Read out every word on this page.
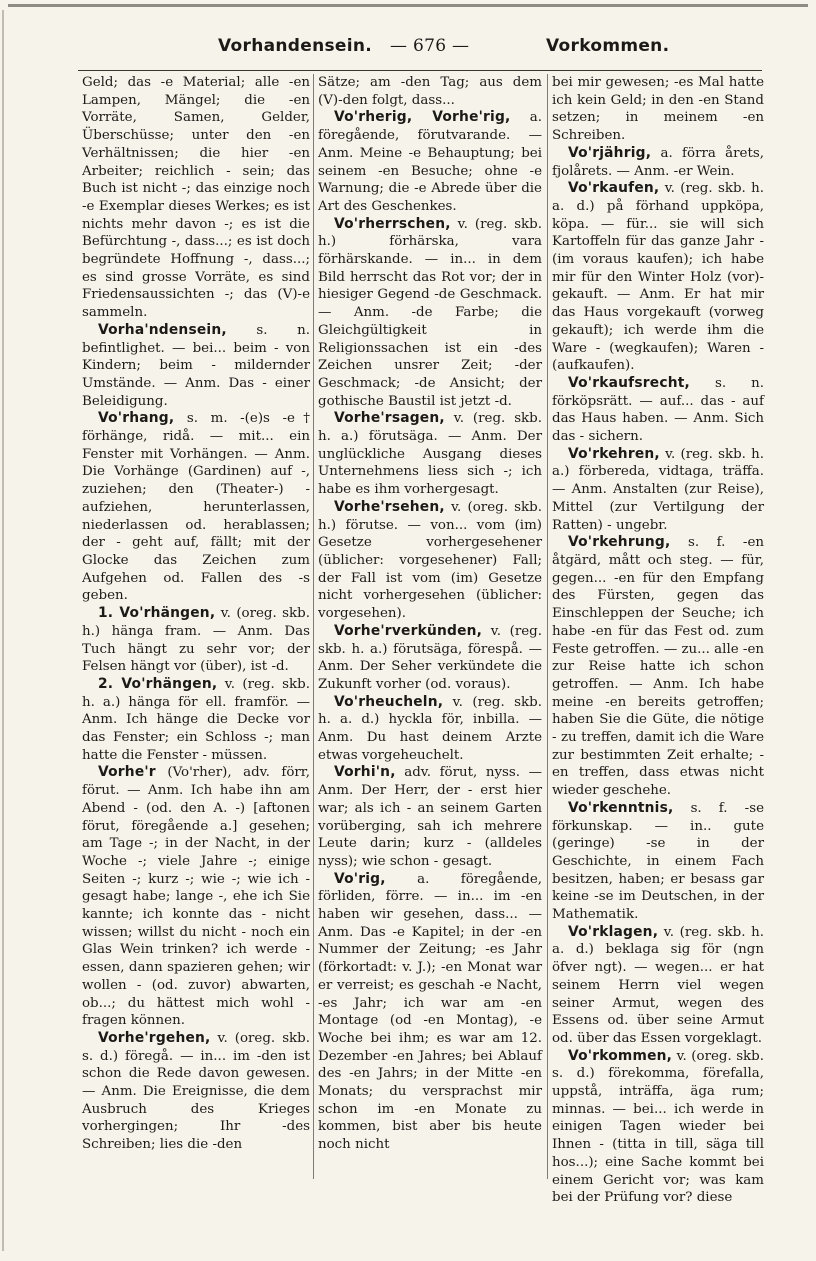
Vorhandensein. — 676 —	Vorkommen.

Geld; das -e Material; alle -en Lampen, Mängel; die -en Vorräte, Samen, Gelder, Überschüsse; unter den -en Verhältnissen; die hier -en Arbeiter; reichlich - sein; das Buch ist nicht -; das einzige noch -e Exemplar dieses Werkes; es ist nichts mehr davon -; es ist die Befürchtung -, dass...; es ist doch begründete Hoffnung -, dass...; es sind grosse Vorräte, es sind Friedensaussichten -; das (V)-e sammeln.

Vorha'ndensein, s. n. befintlighet. — bei... beim - von Kindern; beim - mildernder Umstände. — Anm. Das - einer Beleidigung.

Vo'rhang, s. m. -(e)s -e† förhänge, ridå. — mit... ein Fenster mit Vorhängen. — Anm. Die Vorhänge (Gardinen) auf -, zuziehen; den (Theater-) - aufziehen, herunterlassen, niederlassen od. herablassen; der - geht auf, fällt; mit der Glocke das Zeichen zum Aufgehen od. Fallen des -s geben.

1. Vo'rhängen, v. (oreg. skb. h.) hänga fram. — Anm. Das Tuch hängt zu sehr vor; der Felsen hängt vor (über), ist -d.

2. Vo'rhängen, v. (reg. skb. h. a.) hänga för ell. framför. — Anm. Ich hänge die Decke vor das Fenster; ein Schloss -; man hatte die Fenster - müssen.

Vorhe'r (Vo'rher), adv. förr, förut. — Anm. Ich habe ihn am Abend - (od. den A. -) [aftonen förut, föregående a.] gesehen; am Tage -; in der Nacht, in der Woche -; viele Jahre -; einige Seiten -; kurz -; wie -; wie ich - gesagt habe; lange -, ehe ich Sie kannte; ich konnte das - nicht wissen; willst du nicht - noch ein Glas Wein trinken? ich werde - essen, dann spazieren gehen; wir wollen - (od. zuvor) abwarten, ob...; du hättest mich wohl - fragen können.

Vorhe'rgehen, v. (oreg. skb. s. d.) föregå. — in... im -den ist schon die Rede davon gewesen. — Anm. Die Ereignisse, die dem Ausbruch des Krieges vorhergingen; Ihr -des Schreiben; lies die -den

Sätze; am -den Tag; aus dem (V)-den folgt, dass...

Vo'rherig, Vorhe'rig, a. föregående, förutvarande. — Anm. Meine -e Behauptung; bei seinem -en Besuche; ohne -e Warnung; die -e Abrede über die Art des Geschenkes.

Vo'rherrschen, v. (reg. skb. h.) förhärska, vara förhärskande. — in... in dem Bild herrscht das Rot vor; der in hiesiger Gegend -de Geschmack. — Anm. -de Farbe; die Gleichgültigkeit in Religionssachen ist ein -des Zeichen unsrer Zeit; -der Geschmack; -de Ansicht; der gothische Baustil ist jetzt -d.

Vorhe'rsagen, v. (reg. skb. h. a.) förutsäga. — Anm. Der unglückliche Ausgang dieses Unternehmens liess sich -; ich habe es ihm vorhergesagt.

Vorhe'rsehen, v. (oreg. skb. h.) förutse. — von... vom (im) Gesetze vorhergesehener (üblicher: vorgesehener) Fall; der Fall ist vom (im) Gesetze nicht vorhergesehen (üblicher: vorgesehen).

Vorhe'rverkünden, v. (reg. skb. h. a.) förutsäga, förespå. — Anm. Der Seher verkündete die Zukunft vorher (od. voraus).

Vo'rheucheln, v. (reg. skb. h. a. d.) hyckla för, inbilla. — Anm. Du hast deinem Arzte etwas vorgeheuchelt.

Vorhi'n, adv. förut, nyss. — Anm. Der Herr, der - erst hier war; als ich - an seinem Garten vorüberging, sah ich mehrere Leute darin; kurz - (alldeles nyss); wie schon - gesagt.

Vo'rig, a. föregående, förliden, förre. — in... im -en haben wir gesehen, dass... — Anm. Das -e Kapitel; in der -en Nummer der Zeitung; -es Jahr (förkortadt: v. J.); -en Monat war er verreist; es geschah -e Nacht, -es Jahr; ich war am -en Montage (od -en Montag), -e Woche bei ihm; es war am 12. Dezember -en Jahres; bei Ablauf des -en Jahrs; in der Mitte -en Monats; du versprachst mir schon im -en Monate zu kommen, bist aber bis heute noch nicht

bei mir gewesen; -es Mal hatte ich kein Geld; in den -en Stand setzen; in meinem -en Schreiben.

Vo'rjährig, a. förra årets, fjolårets. — Anm. -er Wein.

Vo'rkaufen, v. (reg. skb. h. a. d.) på förhand uppköpa, köpa. — für... sie will sich Kartoffeln für das ganze Jahr - (im voraus kaufen); ich habe mir für den Winter Holz (vor)-gekauft. — Anm. Er hat mir das Haus vorgekauft (vorweg gekauft); ich werde ihm die Ware - (wegkaufen); Waren - (aufkaufen).

Vo'rkaufsrecht, s. n. förköpsrätt. — auf... das - auf das Haus haben. — Anm. Sich das - sichern.

Vo'rkehren, v. (reg. skb. h. a.) förbereda, vidtaga, träffa. — Anm. Anstalten (zur Reise), Mittel (zur Vertilgung der Ratten) - ungebr.

Vo'rkehrung, s. f. -en åtgärd, mått och steg. — für, gegen... -en für den Empfang des Fürsten, gegen das Einschleppen der Seuche; ich habe -en für das Fest od. zum Feste getroffen. — zu... alle -en zur Reise hatte ich schon getroffen. — Anm. Ich habe meine -en bereits getroffen; haben Sie die Güte, die nötige - zu treffen, damit ich die Ware zur bestimmten Zeit erhalte; -en treffen, dass etwas nicht wieder geschehe.

Vo'rkenntnis, s. f. -se förkunskap. — in.. gute (geringe) -se in der Geschichte, in einem Fach besitzen, haben; er besass gar keine -se im Deutschen, in der Mathematik.

Vo'rklagen, v. (reg. skb. h. a. d.) beklaga sig för (ngn öfver ngt). — wegen... er hat seinem Herrn viel wegen seiner Armut, wegen des Essens od. über seine Armut od. über das Essen vorgeklagt.

Vo'rkommen, v. (oreg. skb. s. d.) förekomma, förefalla, uppstå, inträffa, äga rum; minnas. — bei... ich werde in einigen Tagen wieder bei Ihnen - (titta in till, säga till hos...); eine Sache kommt bei einem Gericht vor; was kam bei der Prüfung vor? diese
